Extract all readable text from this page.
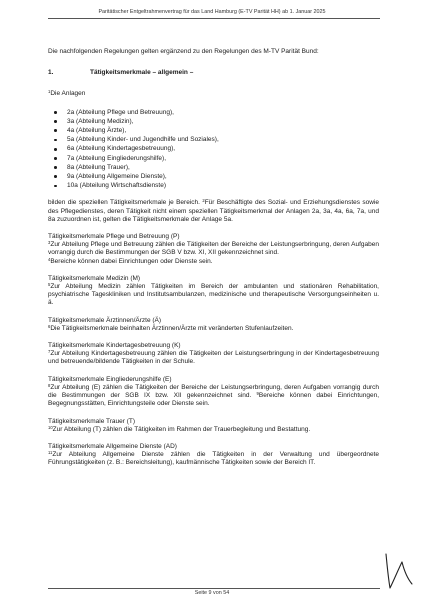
Paritätischer Entgeltrahmenvertrag für das Land Hamburg (E-TV Parität HH) ab 1. Januar 2025

Die nachfolgenden Regelungen gelten ergänzend zu den Regelungen des M-TV Parität Bund:

1.	Tätigkeitsmerkmale – allgemein –

$^1$Die Anlagen

2a (Abteilung Pflege und Betreuung),
3a (Abteilung Medizin),
4a (Abteilung Ärzte),
5a (Abteilung Kinder- und Jugendhilfe und Soziales),
6a (Abteilung Kindertagesbetreuung),
7a (Abteilung Eingliederungshilfe),
8a (Abteilung Trauer),
9a (Abteilung Allgemeine Dienste),
10a (Abteilung Wirtschaftsdienste)

bilden die speziellen Tätigkeitsmerkmale je Bereich. $^2$Für Beschäftigte des Sozial- und Erziehungsdienstes sowie des Pflegedienstes, deren Tätigkeit nicht einem speziellen Tätigkeitsmerkmal der Anlagen 2a, 3a, 4a, 6a, 7a, und 8a zuzuordnen ist, gelten die Tätigkeitsmerkmale der Anlage 5a.

Tätigkeitsmerkmale Pflege und Betreuung (P)

$^3$Zur Abteilung Pflege und Betreuung zählen die Tätigkeiten der Bereiche der Leistungserbringung, deren Aufgaben vorrangig durch die Bestimmungen der SGB V bzw. XI, XII gekennzeichnet sind.
$^4$Bereiche können dabei Einrichtungen oder Dienste sein.

Tätigkeitsmerkmale Medizin (M)

$^5$Zur Abteilung Medizin zählen Tätigkeiten im Bereich der ambulanten und stationären Rehabilitation, psychiatrische Tageskliniken und Institutsambulanzen, medizinische und therapeutische Versorgungseinheiten u. ä.

Tätigkeitsmerkmale Ärztinnen/Ärzte (Ä)

$^6$Die Tätigkeitsmerkmale beinhalten Ärztinnen/Ärzte mit veränderten Stufenlaufzeiten.

Tätigkeitsmerkmale Kindertagesbetreuung (K)

$^7$Zur Abteilung Kindertagesbetreuung zählen die Tätigkeiten der Leistungserbringung in der Kindertagesbetreuung und betreuende/bildende Tätigkeiten in der Schule.

Tätigkeitsmerkmale Eingliederungshilfe (E)

$^8$Zur Abteilung (E) zählen die Tätigkeiten der Bereiche der Leistungserbringung, deren Aufgaben vorrangig durch die Bestimmungen der SGB IX bzw. XII gekennzeichnet sind. $^9$Bereiche können dabei Einrichtungen, Begegnungsstätten, Einrichtungsteile oder Dienste sein.

Tätigkeitsmerkmale Trauer (T)

$^{10}$Zur Abteilung (T) zählen die Tätigkeiten im Rahmen der Trauerbegleitung und Bestattung.

Tätigkeitsmerkmale Allgemeine Dienste (AD)

$^{11}$Zur Abteilung Allgemeine Dienste zählen die Tätigkeiten in der Verwaltung und übergeordnete Führungstätigkeiten (z. B.: Bereichsleitung), kaufmännische Tätigkeiten sowie der Bereich IT.

Seite 9 von 54
